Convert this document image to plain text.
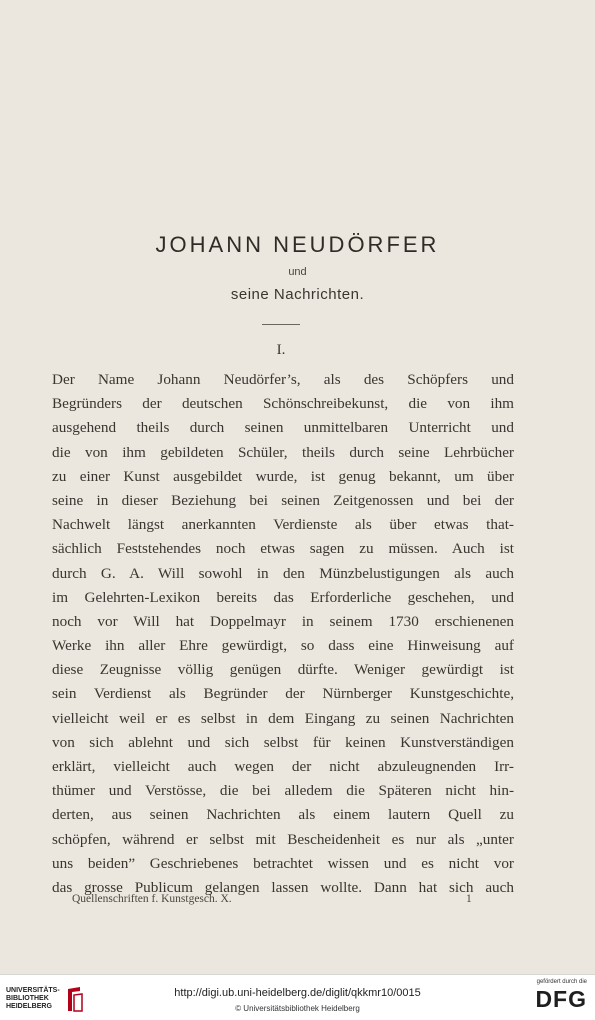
JOHANN NEUDÖRFER
und
seine Nachrichten.
I.
Der Name Johann Neudörfer’s, als des Schöpfers und
Begründers der deutschen Schönschreibekunst, die von ihm
ausgehend theils durch seinen unmittelbaren Unterricht und
die von ihm gebildeten Schüler, theils durch seine Lehrbücher
zu einer Kunst ausgebildet wurde, ist genug bekannt, um über
seine in dieser Beziehung bei seinen Zeitgenossen und bei der
Nachwelt längst anerkannten Verdienste als über etwas that-
sächlich Feststehendes noch etwas sagen zu müssen. Auch ist
durch G. A. Will sowohl in den Münzbelustigungen als auch
im Gelehrten-Lexikon bereits das Erforderliche geschehen, und
noch vor Will hat Doppelmayr in seinem 1730 erschienenen
Werke ihn aller Ehre gewürdigt, so dass eine Hinweisung auf
diese Zeugnisse völlig genügen dürfte. Weniger gewürdigt ist
sein Verdienst als Begründer der Nürnberger Kunstgeschichte,
vielleicht weil er es selbst in dem Eingang zu seinen Nachrichten
von sich ablehnt und sich selbst für keinen Kunstverständigen
erklärt, vielleicht auch wegen der nicht abzuleugnenden Irr-
thümer und Verstösse, die bei alledem die Späteren nicht hin-
derten, aus seinen Nachrichten als einem lautern Quell zu
schöpfen, während er selbst mit Bescheidenheit es nur als „unter
uns beiden” Geschriebenes betrachtet wissen und es nicht vor
das grosse Publicum gelangen lassen wollte. Dann hat sich auch
Quellenschriften f. Kunstgesch. X.	1
UNIVERSITÄTS-
BIBLIOTHEK
HEIDELBERG
http://digi.ub.uni-heidelberg.de/diglit/qkkmr10/0015
© Universitätsbibliothek Heidelberg
gefördert durch die
DFG
